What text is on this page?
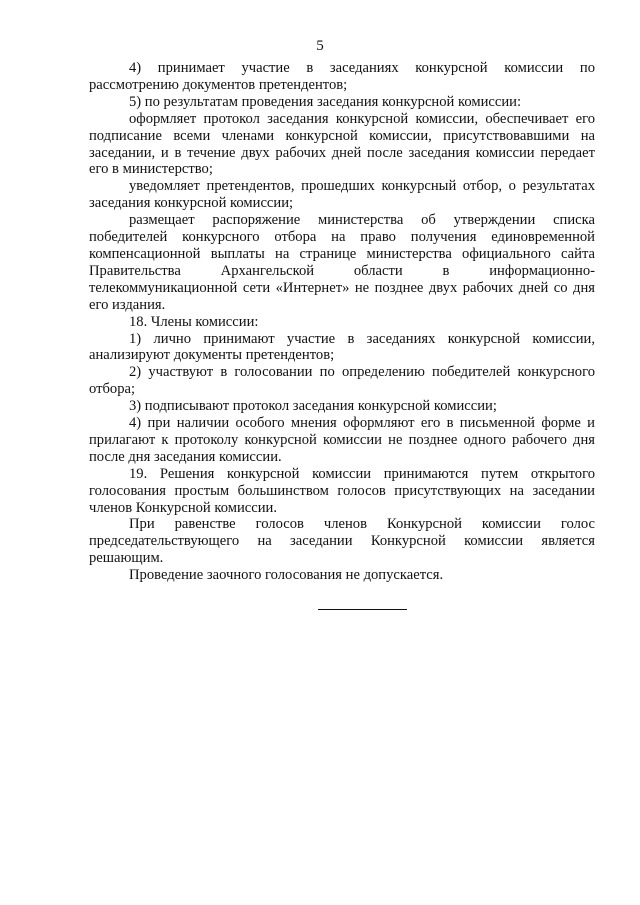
5

4) принимает участие в заседаниях конкурсной комиссии по рассмотрению документов претендентов;

5) по результатам проведения заседания конкурсной комиссии:

оформляет протокол заседания конкурсной комиссии, обеспечивает его подписание всеми членами конкурсной комиссии, присутствовавшими на заседании, и в течение двух рабочих дней после заседания комиссии передает его в министерство;

уведомляет претендентов, прошедших конкурсный отбор, о результатах заседания конкурсной комиссии;

размещает распоряжение министерства об утверждении списка победителей конкурсного отбора на право получения единовременной компенсационной выплаты на странице министерства официального сайта Правительства Архангельской области в информационно-телекоммуникационной сети «Интернет» не позднее двух рабочих дней со дня его издания.

18. Члены комиссии:

1) лично принимают участие в заседаниях конкурсной комиссии, анализируют документы претендентов;

2) участвуют в голосовании по определению победителей конкурсного отбора;

3) подписывают протокол заседания конкурсной комиссии;

4) при наличии особого мнения оформляют его в письменной форме и прилагают к протоколу конкурсной комиссии не позднее одного рабочего дня после дня заседания комиссии.

19. Решения конкурсной комиссии принимаются путем открытого голосования простым большинством голосов присутствующих на заседании членов Конкурсной комиссии.

При равенстве голосов членов Конкурсной комиссии голос председательствующего на заседании Конкурсной комиссии является решающим.

Проведение заочного голосования не допускается.
